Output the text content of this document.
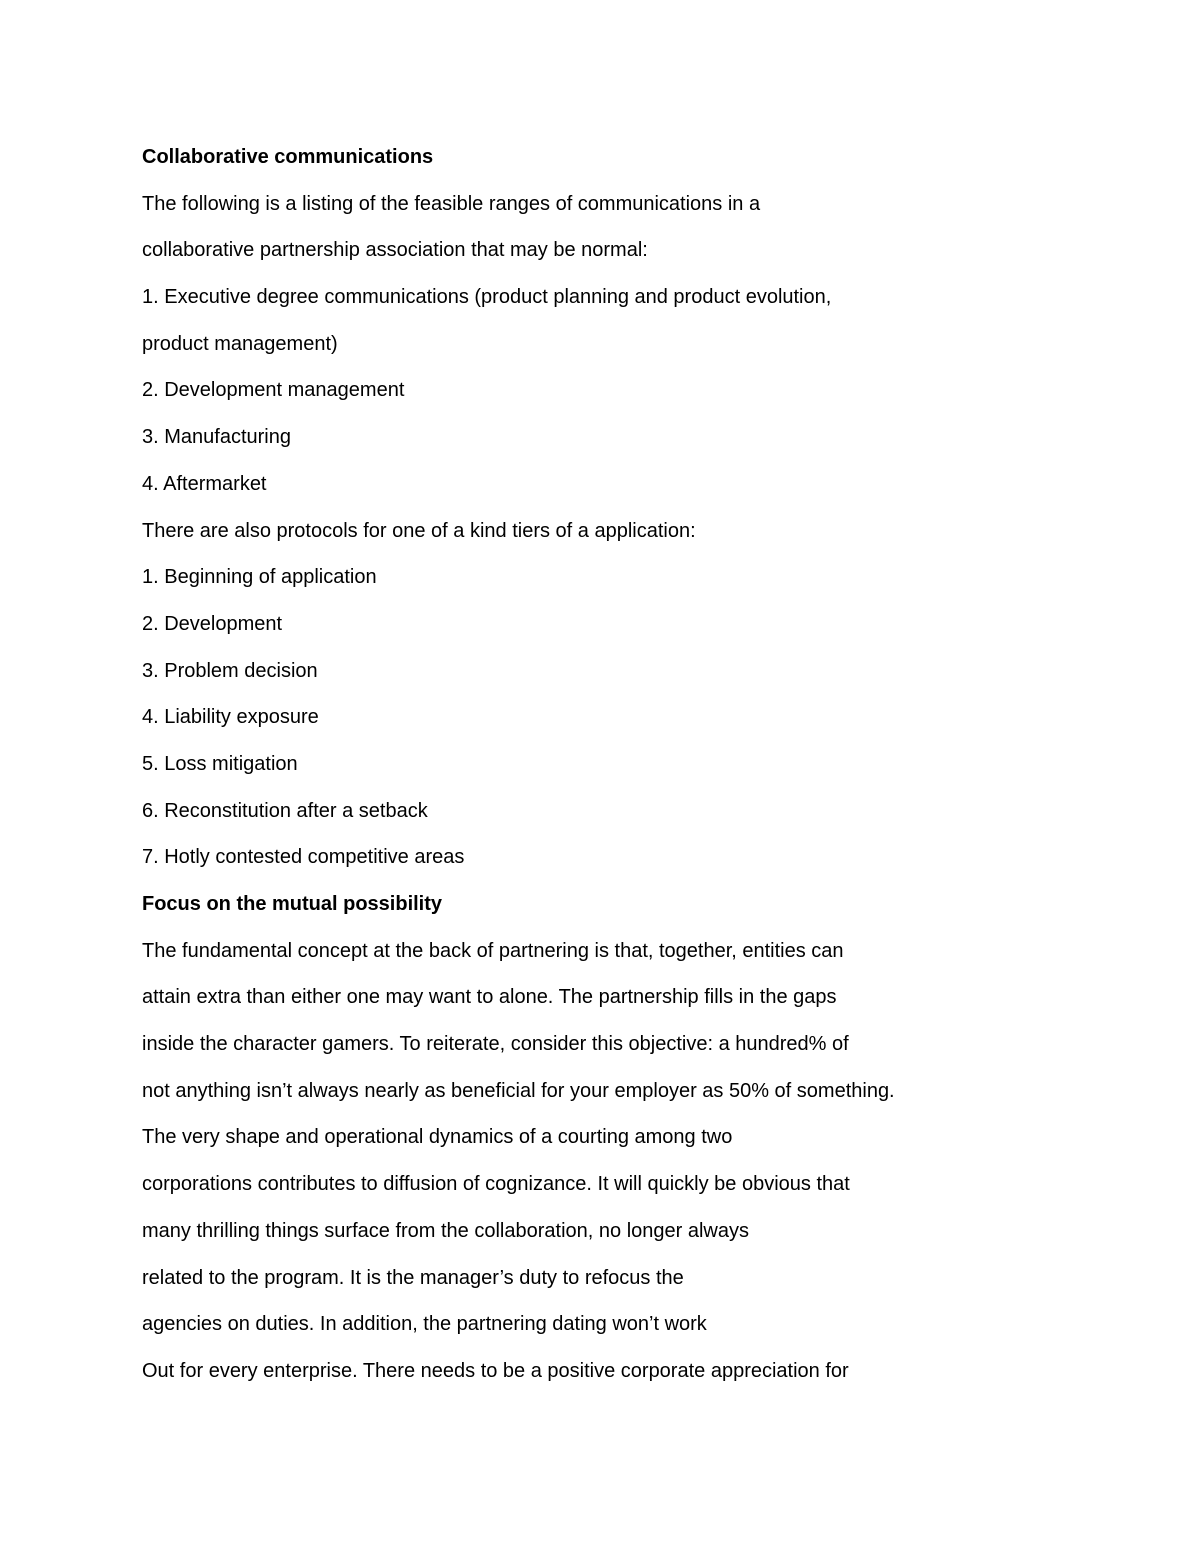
Collaborative communications
The following is a listing of the feasible ranges of communications in a
collaborative partnership association that may be normal:
1. Executive degree communications (product planning and product evolution,
product management)
2. Development management
3. Manufacturing
4. Aftermarket
There are also protocols for one of a kind tiers of a application:
1. Beginning of application
2. Development
3. Problem decision
4. Liability exposure
5. Loss mitigation
6. Reconstitution after a setback
7. Hotly contested competitive areas
Focus on the mutual possibility
The fundamental concept at the back of partnering is that, together, entities can
attain extra than either one may want to alone. The partnership fills in the gaps
inside the character gamers. To reiterate, consider this objective: a hundred% of
not anything isn’t always nearly as beneficial for your employer as 50% of something.
The very shape and operational dynamics of a courting among two
corporations contributes to diffusion of cognizance. It will quickly be obvious that
many thrilling things surface from the collaboration, no longer always
related to the program. It is the manager’s duty to refocus the
agencies on duties. In addition, the partnering dating won’t work
Out for every enterprise. There needs to be a positive corporate appreciation for
